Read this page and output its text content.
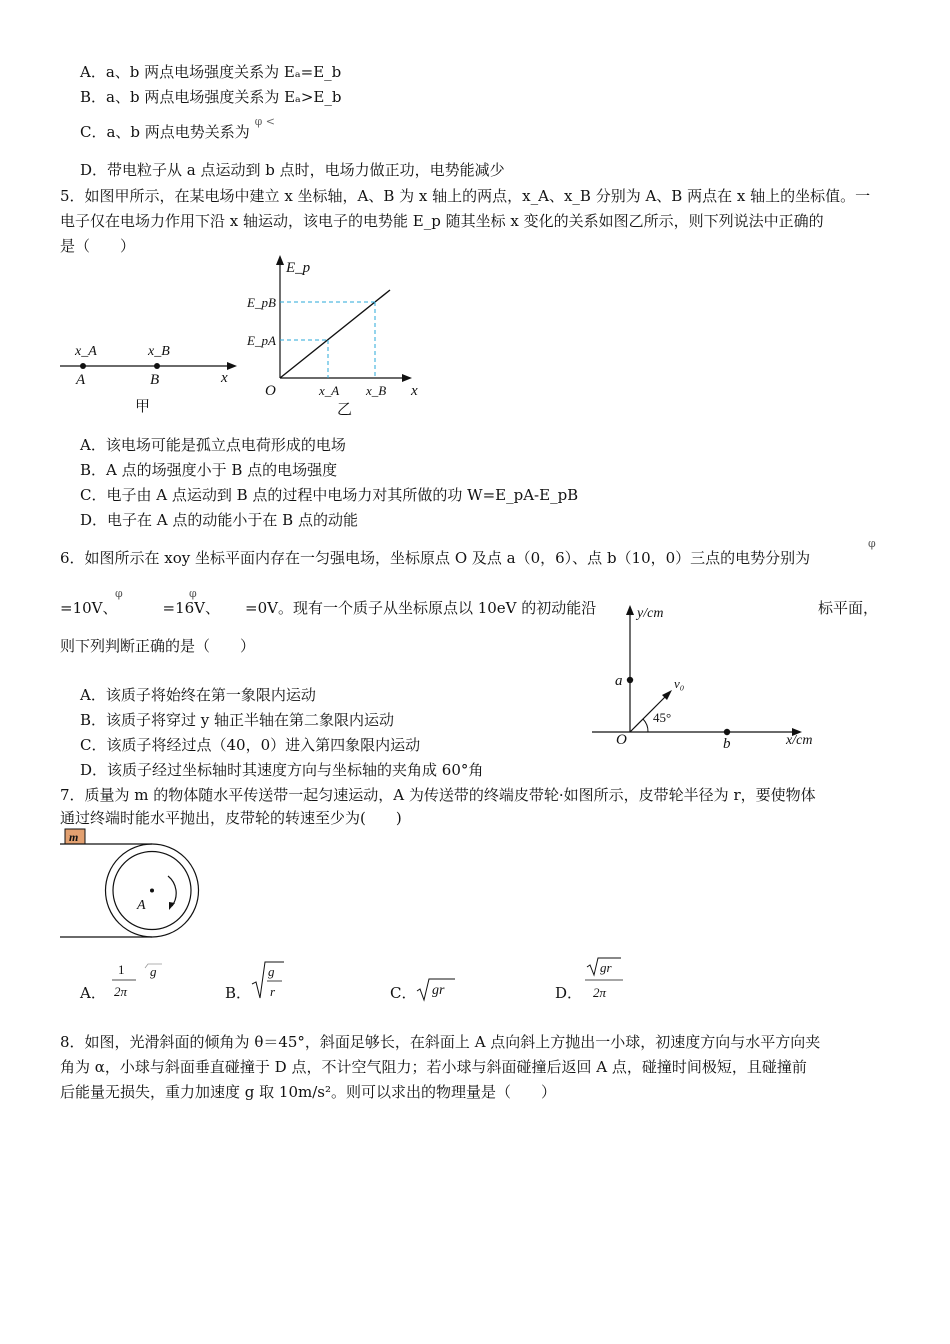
A．a、b 两点电场强度关系为 Eₐ=E_b
B．a、b 两点电场强度关系为 Eₐ>E_b
C．a、b 两点电势关系为 $^{\varphi <}$
D．带电粒子从 a 点运动到 b 点时，电场力做正功，电势能减少
5．如图甲所示，在某电场中建立 x 坐标轴，A、B 为 x 轴上的两点，x_A、x_B 分别为 A、B 两点在 x 轴上的坐标值。一
电子仅在电场力作用下沿 x 轴运动，该电子的电势能 E_p 随其坐标 x 变化的关系如图乙所示，则下列说法中正确的
是（　　）
x_A	x_B
A	B	x
甲
E_p
E_pB
E_pA
O	x_A x_B x
乙
A．该电场可能是孤立点电荷形成的电场
B．A 点的场强度小于 B 点的电场强度
C．电子由 A 点运动到 B 点的过程中电场力对其所做的功 W=E_pA-E_pB
D．电子在 A 点的动能小于在 B 点的动能
6．如图所示在 xoy 坐标平面内存在一匀强电场，坐标原点 O 及点 a（0，6）、点 b（10，0）三点的电势分别为
φ
φ	φ
=10V、	=16V、 =0V。现有一个质子从坐标原点以 10eV 的初动能沿	标平面，
则下列判断正确的是（　　）
y/cm
x/cm
a
b
O
v₀
45°
A．该质子将始终在第一象限内运动
B．该质子将穿过 y 轴正半轴在第二象限内运动
C．该质子将经过点（40，0）进入第四象限内运动
D．该质子经过坐标轴时其速度方向与坐标轴的夹角成 60°角
7．质量为 m 的物体随水平传送带一起匀速运动，A 为传送带的终端皮带轮·如图所示，皮带轮半径为 r，要使物体
通过终端时能水平抛出，皮带轮的转速至少为(　　)
m
A
A．
1
2π
g
B．
g
r	C． gr	D．
gr
2π
8．如图，光滑斜面的倾角为 θ＝45°，斜面足够长，在斜面上 A 点向斜上方抛出一小球，初速度方向与水平方向夹
角为 α，小球与斜面垂直碰撞于 D 点，不计空气阻力；若小球与斜面碰撞后返回 A 点，碰撞时间极短，且碰撞前
后能量无损失，重力加速度 g 取 10m/s²。则可以求出的物理量是（　　）
